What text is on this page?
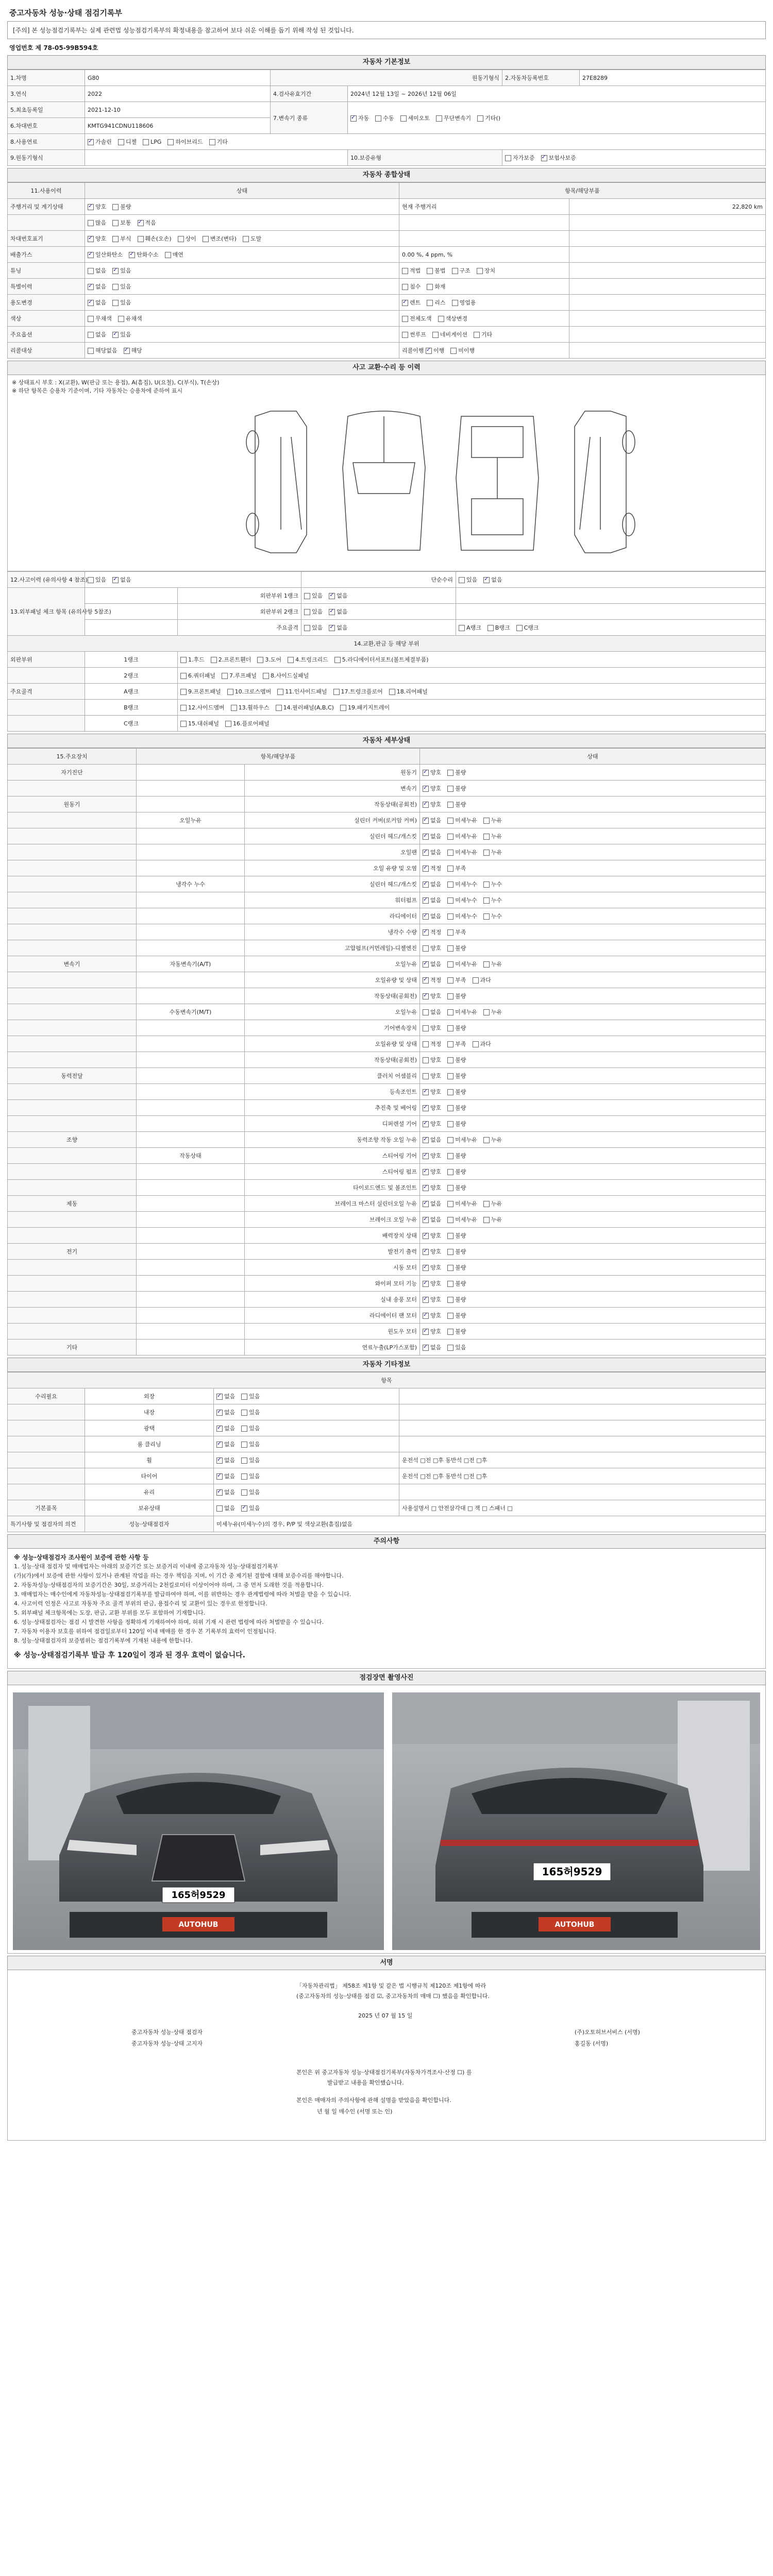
중고자동차 성능·상태 점검기록부
[주의] 본 성능점검기록부는 실제 관련법 성능점검기록부의 확정내용을 참고하여 보다 쉬운 이해를 돕기 위해 작성 된 것입니다.
영업번호 제 78-05-99B594호
자동차 기본정보
1.차명	G80	원동기형식		2.자동차등록번호	27E8289
3.연식	2022	4.검사유효기간	2024년 12월 13일 ~ 2026년 12월 06일		
5.최초등록일	2021-12-10	7.변속기 종류	✓자동 수동 세미오토 무단변속기 기타()
6.차대번호	KMTG941CDNU118606				
8.사용연료	✓가솔린 디젤 LPG 하이브리드 기타
9.원동기형식			10.보증유형	자가보증 ✓ 보험사보증
자동차 종합상태
11.사용이력	상태	항목/해당부품	
주행거리 및 계기상태	✓양호 불량	현재 주행거리	22,820 km
	많음 보통 ✓ 적음		
차대번호표기	✓양호 부식 훼손(오손) 상이 변조(변타) 도말		
배출가스	✓일산화탄소 ✓ 탄화수소 매연	0.00 %, 4 ppm, %	
튜닝	없음 ✓ 있음	적법 불법 구조 장치	
특별이력	✓없음 있음	침수 화재	
용도변경	✓없음 있음	✓렌트 리스 영업용	
색상	무채색 유채색	전체도색 색상변경	
주요옵션	없음 ✓ 있음	썬루프 네비게이션 기타	
리콜대상	해당없음 ✓ 해당	리콜이행 ✓이행 미이행	
사고 교환·수리 등 이력
※ 상태표시 부호 : X(교환), W(판금 또는 용접), A(흠집), U(요철), C(부식), T(손상)
※ 하단 항목은 승용차 기준이며, 기타 자동차는 승용차에 준하여 표시
12.사고이력 (유의사항 4 참조)	있음 ✓ 없음		단순수리	있음 ✓ 없음
13.외부패널 체크 항목 (유의사항 5참조)		외판부위 1랭크	있음 ✓ 없음	
		외판부위 2랭크	있음 ✓ 없음	
		주요골격	있음 ✓ 없음	A랭크 B랭크 C랭크
14.교환,판금 등 해당 부위				
외판부위	1랭크	1.후드 2.프론트휀더 3.도어 4.트렁크리드 5.라디에이터서포트(볼트체결부품)		
	2랭크	6.쿼터패널 7.루프패널 8.사이드실패널		
주요골격	A랭크	9.프론트패널 10.크로스멤버 11.인사이드패널 17.트렁크플로어 18.리어패널		
	B랭크	12.사이드멤버 13.휠하우스 14.필러패널(A,B,C) 19.패키지트레이		
	C랭크	15.대쉬패널 16.플로어패널		
자동차 세부상태
15.주요장치	항목/해당부품		상태
자기진단		원동기	✓양호 불량
		변속기	✓양호 불량
원동기		작동상태(공회전)	✓양호 불량
	오일누유	실린더 커버(로커암 커버)	✓없음 미세누유 누유
		실린더 헤드/개스킷	✓없음 미세누유 누유
		오일팬	✓없음 미세누유 누유
		오일 유량 및 오염	✓적정 부족
	냉각수 누수	실린더 헤드/개스킷	✓없음 미세누수 누수
		워터펌프	✓없음 미세누수 누수
		라디에이터	✓없음 미세누수 누수
		냉각수 수량	✓적정 부족
		고압펌프(커먼레일)-디젤엔진	양호 불량
변속기	자동변속기(A/T)	오일누유	✓없음 미세누유 누유
		오일유량 및 상태	✓적정 부족 과다
		작동상태(공회전)	✓양호 불량
	수동변속기(M/T)	오일누유	없음 미세누유 누유
		기어변속장치	양호 불량
		오일유량 및 상태	적정 부족 과다
		작동상태(공회전)	양호 불량
동력전달		클러치 어셈블리	양호 불량
		등속조인트	✓양호 불량
		추진축 및 베어링	✓양호 불량
		디퍼렌셜 기어	✓양호 불량
조향		동력조향 작동 오일 누유	✓없음 미세누유 누유
	작동상태	스티어링 기어	✓양호 불량
		스티어링 펌프	✓양호 불량
		타이로드엔드 및 볼조인트	✓양호 불량
제동		브레이크 마스터 실린더오일 누유	✓없음 미세누유 누유
		브레이크 오일 누유	✓없음 미세누유 누유
		배력장치 상태	✓양호 불량
전기		발전기 출력	✓양호 불량
		시동 모터	✓양호 불량
		와이퍼 모터 기능	✓양호 불량
		실내 송풍 모터	✓양호 불량
		라디에이터 팬 모터	✓양호 불량
		윈도우 모터	✓양호 불량
기타		연료누출(LP가스포함)	✓없음 있음
자동차 기타정보
항목			
수리필요	외장	✓없음 있음	
	내장	✓없음 있음	
	광택	✓없음 있음	
	룸 클리닝	✓없음 있음	
	휠	✓없음 있음	운전석 □전 □후 동반석 □전 □후
	타이어	✓없음 있음	운전석 □전 □후 동반석 □전 □후
	유리	✓없음 있음	
기본품목	보유상태	없음 ✓ 있음	사용설명서 □ 안전삼각대 □ 잭 □ 스패너 □
특기사항 및 점검자의 의견	성능·상태점검자	미세누유(미세누수)의 경우, P/P 및 색상교환(흠집)없음	
주의사항

※ 성능·상태점검자 조사원이 보증에 관한 사항 등

1. 성능·상태 점검자 및 매매업자는 아래의 보증기간 또는 보증거리 이내에 중고자동차 성능·상태점검기록부

(가)(가)에서 보증에 관한 사항이 있거나 관계된 작업을 하는 경우 책임을 지며, 이 기간 중 제기된 결함에 대해 보증수리를 해야합니다.

2. 자동차성능·상태점검자의 보증기간은 30일, 보증거리는 2천킬로미터 이상이어야 하며, 그 중 먼저 도래한 것을 적용합니다.

3. 매매업자는 매수인에게 자동차성능·상태점검기록부를 발급하여야 하며, 이를 위반하는 경우 관계법령에 따라 처벌을 받을 수 있습니다.

4. 사고이력 인정은 사고로 자동차 주요 골격 부위의 판금, 용접수리 및 교환이 있는 경우로 한정합니다.

5. 외부패널 체크항목에는 도장, 판금, 교환 부위를 모두 포함하여 기재합니다.

6. 성능·상태점검자는 점검 시 발견한 사항을 정확하게 기재하여야 하며, 허위 기재 시 관련 법령에 따라 처벌받을 수 있습니다.

7. 자동차 이용자 보호를 위하여 점검일로부터 120일 이내 매매를 한 경우 본 기록부의 효력이 인정됩니다.

8. 성능·상태점검자의 보증범위는 점검기록부에 기재된 내용에 한합니다.

※ 성능·상태점검기록부 발급 후 120일이 경과 된 경우 효력이 없습니다.
점검장면 촬영사진
165허9529
AUTOHUB
165허9529
AUTOHUB
서명
「자동차관리법」 제58조 제1항 및 같은 법 시행규칙 제120조 제1항에 따라
(중고자동차의 성능·상태를 점검 ☑, 중고자동차의 매매 ☐) 했음을 확인합니다.
2025 년 07 월 15 일
중고자동차 성능·상태 점검자	(주)오토허브서비스 (서명)
중고자동차 성능·상태 고지자	홍길동 (서명)
본인은 위 중고자동차 성능·상태점검기록부(자동차가격조사·산정 ☐) 를
발급받고 내용을 확인했습니다.
본인은 매매자의 주의사항에 관해 설명을 받았음을 확인합니다.
년 월 일 매수인 (서명 또는 인)
